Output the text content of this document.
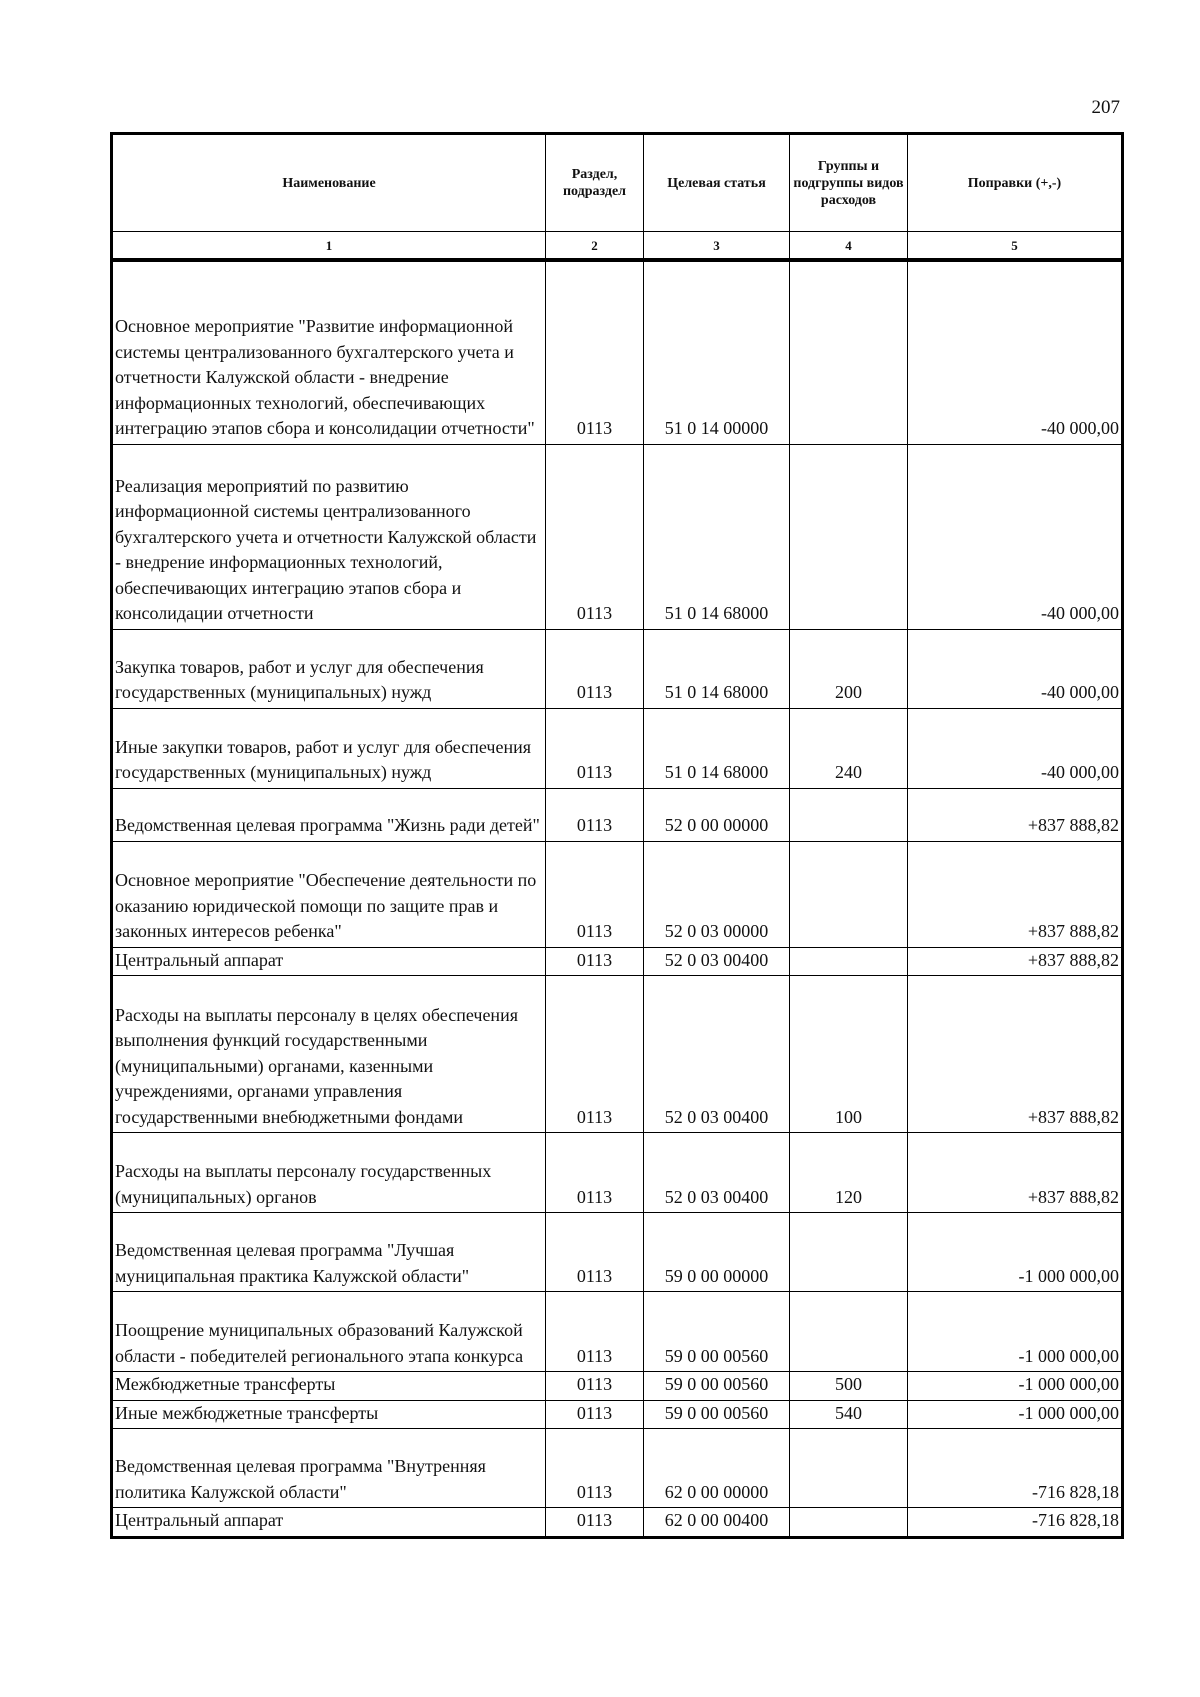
207
Наименование	Раздел, подраздел	Целевая статья	Группы и подгруппы видов расходов	Поправки (+,-)
1	2	3	4	5
Основное мероприятие "Развитие информационной системы централизованного бухгалтерского учета и отчетности Калужской области - внедрение информационных технологий, обеспечивающих интеграцию этапов сбора и консолидации отчетности"	0113	51 0 14 00000		-40 000,00
Реализация мероприятий по развитию информационной системы централизованного бухгалтерского учета и отчетности Калужской области - внедрение информационных технологий, обеспечивающих интеграцию этапов сбора и консолидации отчетности	0113	51 0 14 68000		-40 000,00
Закупка товаров, работ и услуг для обеспечения государственных (муниципальных) нужд	0113	51 0 14 68000	200	-40 000,00
Иные закупки товаров, работ и услуг для обеспечения государственных (муниципальных) нужд	0113	51 0 14 68000	240	-40 000,00
Ведомственная целевая программа "Жизнь ради детей"	0113	52 0 00 00000		+837 888,82
Основное мероприятие "Обеспечение деятельности по оказанию юридической помощи по защите прав и законных интересов ребенка"	0113	52 0 03 00000		+837 888,82
Центральный аппарат	0113	52 0 03 00400		+837 888,82
Расходы на выплаты персоналу в целях обеспечения выполнения функций государственными (муниципальными) органами, казенными учреждениями, органами управления государственными внебюджетными фондами	0113	52 0 03 00400	100	+837 888,82
Расходы на выплаты персоналу государственных (муниципальных) органов	0113	52 0 03 00400	120	+837 888,82
Ведомственная целевая программа "Лучшая муниципальная практика Калужской области"	0113	59 0 00 00000		-1 000 000,00
Поощрение муниципальных образований Калужской области - победителей регионального этапа конкурса	0113	59 0 00 00560		-1 000 000,00
Межбюджетные трансферты	0113	59 0 00 00560	500	-1 000 000,00
Иные межбюджетные трансферты	0113	59 0 00 00560	540	-1 000 000,00
Ведомственная целевая программа "Внутренняя политика Калужской области"	0113	62 0 00 00000		-716 828,18
Центральный аппарат	0113	62 0 00 00400		-716 828,18
